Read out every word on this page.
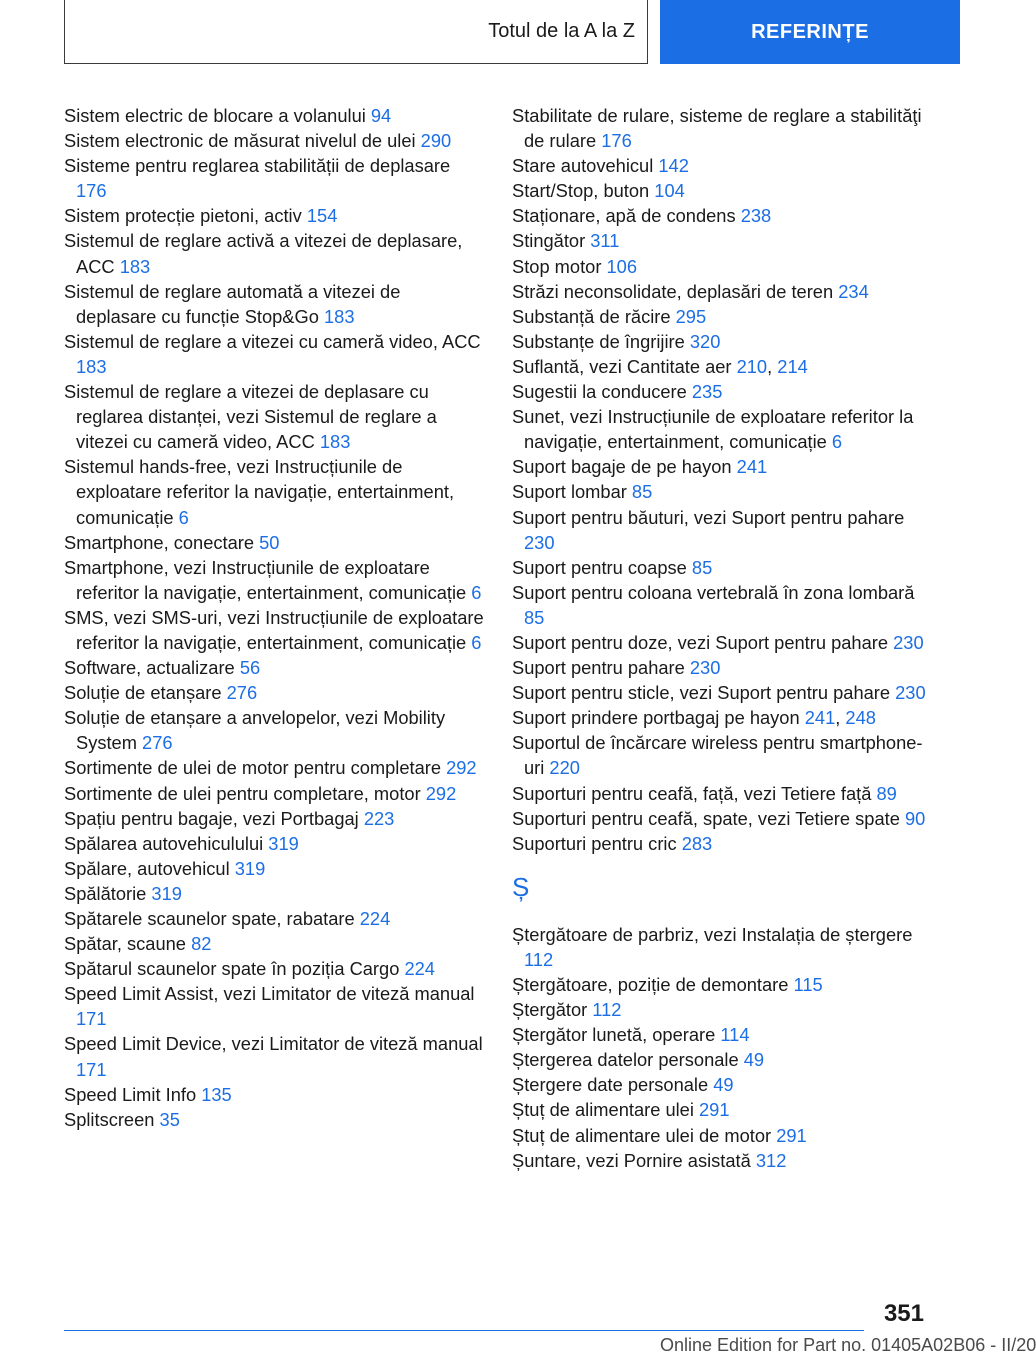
Totul de la A la Z	REFERINȚE
Sistem electric de blocare a volanului 94
Sistem electronic de măsurat nivelul de ulei 290
Sisteme pentru reglarea stabilității de deplasare 176
Sistem protecție pietoni, activ 154
Sistemul de reglare activă a vitezei de deplasare, ACC 183
Sistemul de reglare automată a vitezei de deplasare cu funcție Stop&Go 183
Sistemul de reglare a vitezei cu cameră video, ACC 183
Sistemul de reglare a vitezei de deplasare cu reglarea distanței, vezi Sistemul de reglare a vitezei cu cameră video, ACC 183
Sistemul hands-free, vezi Instrucțiunile de exploatare referitor la navigație, entertainment, comunicație 6
Smartphone, conectare 50
Smartphone, vezi Instrucțiunile de exploatare referitor la navigație, entertainment, comunicație 6
SMS, vezi SMS-uri, vezi Instrucțiunile de exploatare referitor la navigație, entertainment, comunicație 6
Software, actualizare 56
Soluție de etanșare 276
Soluție de etanșare a anvelopelor, vezi Mobility System 276
Sortimente de ulei de motor pentru completare 292
Sortimente de ulei pentru completare, motor 292
Spațiu pentru bagaje, vezi Portbagaj 223
Spălarea autovehiculului 319
Spălare, autovehicul 319
Spălătorie 319
Spătarele scaunelor spate, rabatare 224
Spătar, scaune 82
Spătarul scaunelor spate în poziția Cargo 224
Speed Limit Assist, vezi Limitator de viteză manual 171
Speed Limit Device, vezi Limitator de viteză manual 171
Speed Limit Info 135
Splitscreen 35
Stabilitate de rulare, sisteme de reglare a stabilităţi de rulare 176
Stare autovehicul 142
Start/Stop, buton 104
Staționare, apă de condens 238
Stingător 311
Stop motor 106
Străzi neconsolidate, deplasări de teren 234
Substanță de răcire 295
Substanțe de îngrijire 320
Suflantă, vezi Cantitate aer 210, 214
Sugestii la conducere 235
Sunet, vezi Instrucțiunile de exploatare referitor la navigație, entertainment, comunicație 6
Suport bagaje de pe hayon 241
Suport lombar 85
Suport pentru băuturi, vezi Suport pentru pahare 230
Suport pentru coapse 85
Suport pentru coloana vertebrală în zona lombară 85
Suport pentru doze, vezi Suport pentru pahare 230
Suport pentru pahare 230
Suport pentru sticle, vezi Suport pentru pahare 230
Suport prindere portbagaj pe hayon 241, 248
Suportul de încărcare wireless pentru smartphone-uri 220
Suporturi pentru ceafă, față, vezi Tetiere față 89
Suporturi pentru ceafă, spate, vezi Tetiere spate 90
Suporturi pentru cric 283
Ș
Ștergătoare de parbriz, vezi Instalația de ștergere 112
Ștergătoare, poziție de demontare 115
Ștergător 112
Ștergător lunetă, operare 114
Ștergerea datelor personale 49
Ștergere date personale 49
Ștuț de alimentare ulei 291
Ștuț de alimentare ulei de motor 291
Șuntare, vezi Pornire asistată 312
351
Online Edition for Part no. 01405A02B06 - II/20
